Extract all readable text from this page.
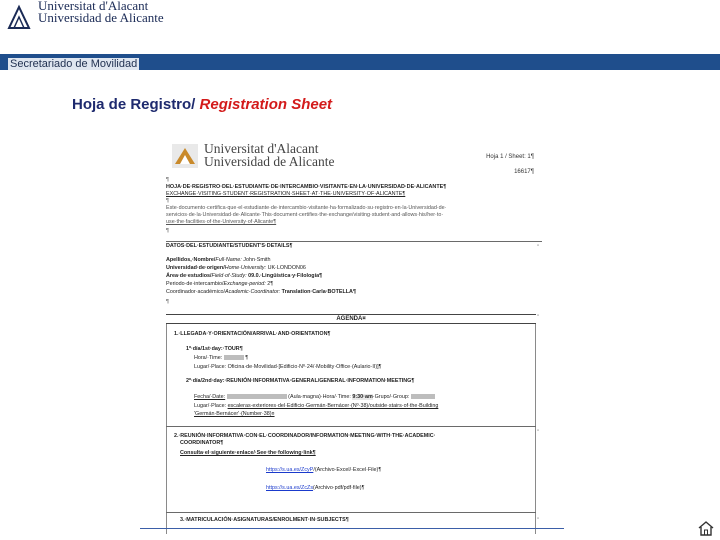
Universitat d'Alacant
Universidad de Alicante
Secretariado de Movilidad
Hoja de Registro/ Registration Sheet
Universitat d'Alacant
Universidad de Alicante	Hoja 1 / Sheet: 1¶
16617¶
¶
HOJA·DE·REGISTRO·DEL·ESTUDIANTE·DE·INTERCAMBIO·VISITANTE·EN·LA·UNIVERSIDAD·DE·ALICANTE¶
EXCHANGE·VISITING·STUDENT·REGISTRATION·SHEET·AT·THE·UNIVERSITY·OF·ALICANTE¶
¶
Este·documento·certifica·que·el·estudiante·de·intercambio·visitante·ha·formalizado·su·registro·en·la·Universidad·de·
servicios·de·la·Universidad·de·Alicante·This·document·certifies·the·exchange/visiting·student·and·allows·his/her·to·
use·the·facilities·of·the·University·of·Alicante¶
¶
DATOS·DEL·ESTUDIANTE/STUDENT'S·DETAILS¶
Apellidos,·Nombre/Full·Name: John·Smith
Universidad·de·origen/Home·University: UK·LONDON06
Área·de·estudios/Field·of·Study: 09.0.·Lingüística·y·Filología¶
Periodo·de·intercambio/Exchange·period: 2¶
Coordinador·académico/Academic·Coordinator: Translation·Carla·BOTELLA¶
¶
AGENDA¤
1.·LLEGADA·Y·ORIENTACIÓN/ARRIVAL·AND·ORIENTATION¶
1º·día/1st·day:·TOUR¶
Hora/·Time:	¶
Lugar/·Place: Oficina·de·Movilidad·[Edificio·Nº·24/·Mobility·Office·(Aulario·II)]¶
2º·día/2nd·day:·REUNIÓN·INFORMATIVA·GENERAL/GENERAL·INFORMATION·MEETING¶
Fecha/·Date:	(Aula·magna)·Hora/·Time: 9:30·am·Grupo/·Group:
Lugar/·Place: escaleras·exteriores·del·Edificio·Germán·Bernácer·(Nº·38)/outside·stairs·of·the·Building
'Germán·Bernácer'·(Number·38)¤
2.·REUNIÓN·INFORMATIVA·CON·EL·COORDINADOR/INFORMATION·MEETING·WITH·THE·ACADEMIC·
COORDINATOR¶
Consulta·el·siguiente·enlace/·See·the·following·link¶
https://s.ua.es/ZcyP/(Archivo·Excel/·Excel·File)¶
https://s.ua.es/ZcZs(Archivo·pdf/pdf·file)¶
3.·MATRICULACIÓN·ASIGNATURAS/ENROLMENT·IN·SUBJECTS¶
▫
▫
▫
▫
